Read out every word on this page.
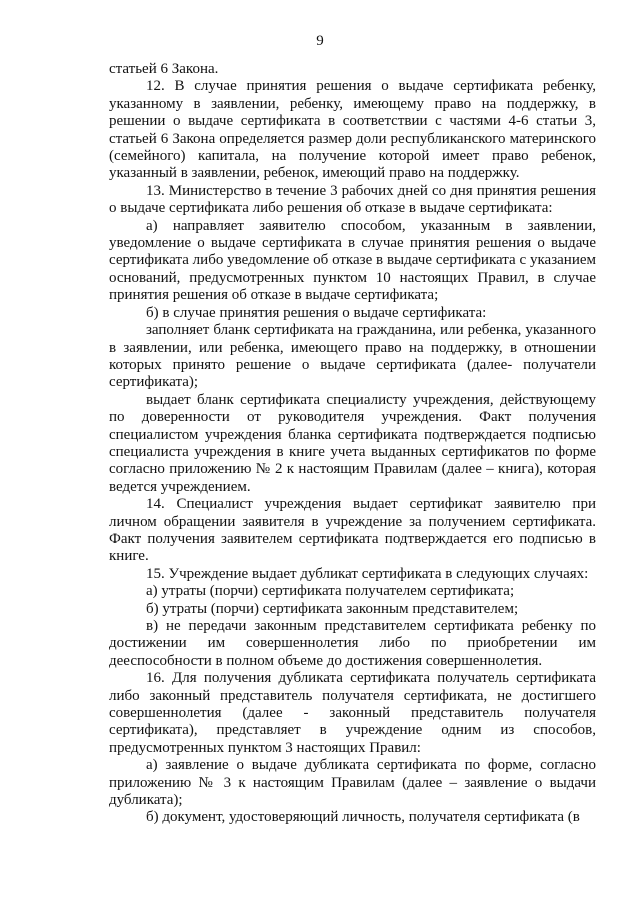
9

статьей 6 Закона.

12. В случае принятия решения о выдаче сертификата ребенку, указанному в заявлении, ребенку, имеющему право на поддержку, в решении о выдаче сертификата в соответствии с частями 4-6 статьи 3, статьей 6 Закона определяется размер доли республиканского материнского (семейного) капитала, на получение которой имеет право ребенок, указанный в заявлении, ребенок, имеющий право на поддержку.

13. Министерство в течение 3 рабочих дней со дня принятия решения о выдаче сертификата либо решения об отказе в выдаче сертификата:

а) направляет заявителю способом, указанным в заявлении, уведомление о выдаче сертификата в случае принятия решения о выдаче сертификата либо уведомление об отказе в выдаче сертификата с указанием оснований, предусмотренных пунктом 10 настоящих Правил, в случае принятия решения об отказе в выдаче сертификата;

б) в случае принятия решения о выдаче сертификата:

заполняет бланк сертификата на гражданина, или ребенка, указанного в заявлении, или ребенка, имеющего право на поддержку, в отношении которых принято решение о выдаче сертификата (далее- получатели сертификата);

выдает бланк сертификата специалисту учреждения, действующему по доверенности от руководителя учреждения. Факт получения специалистом учреждения бланка сертификата подтверждается подписью специалиста учреждения в книге учета выданных сертификатов по форме согласно приложению № 2 к настоящим Правилам (далее – книга), которая ведется учреждением.

14. Специалист учреждения выдает сертификат заявителю при личном обращении заявителя в учреждение за получением сертификата. Факт получения заявителем сертификата подтверждается его подписью в книге.

15. Учреждение выдает дубликат сертификата в следующих случаях:

а) утраты (порчи) сертификата получателем сертификата;

б) утраты (порчи) сертификата законным представителем;

в) не передачи законным представителем сертификата ребенку по достижении им совершеннолетия либо по приобретении им дееспособности в полном объеме до достижения совершеннолетия.

16. Для получения дубликата сертификата получатель сертификата либо законный представитель получателя сертификата, не достигшего совершеннолетия (далее - законный представитель получателя сертификата), представляет в учреждение одним из способов, предусмотренных пунктом 3 настоящих Правил:

а) заявление о выдаче дубликата сертификата по форме, согласно приложению № 3 к настоящим Правилам (далее – заявление о выдачи дубликата);

б) документ, удостоверяющий личность, получателя сертификата (в
